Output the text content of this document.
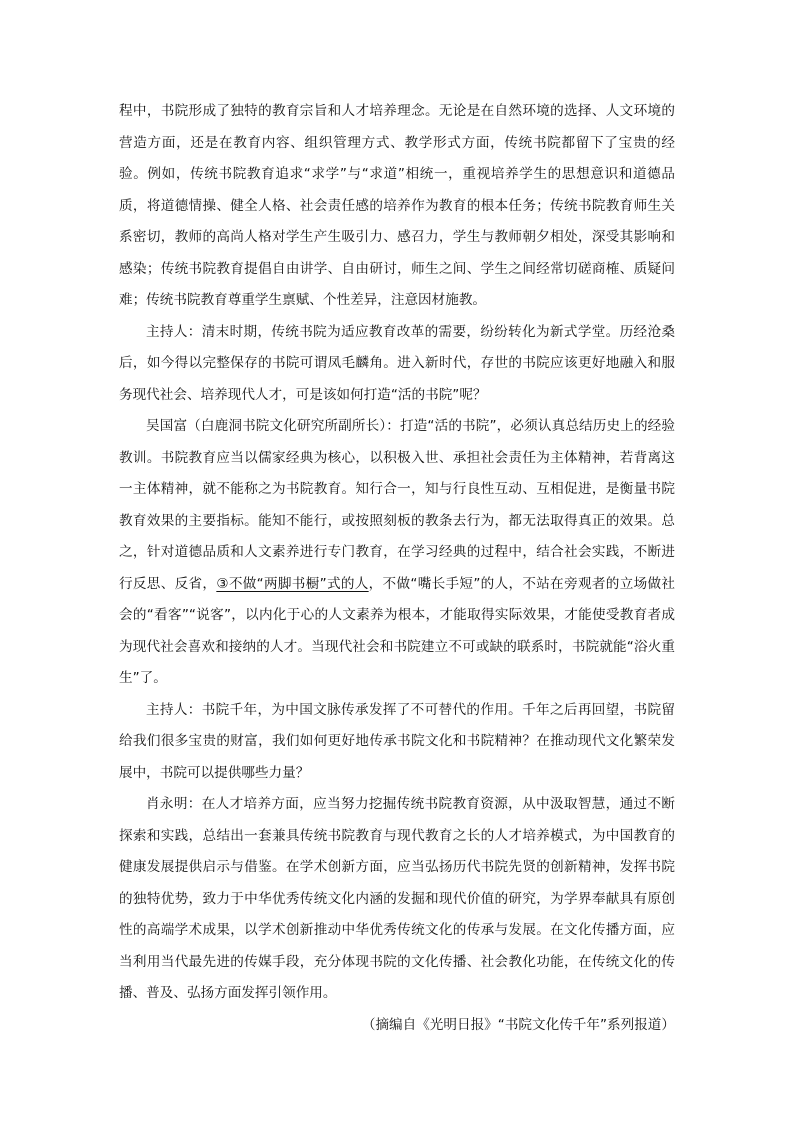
程中，书院形成了独特的教育宗旨和人才培养理念。无论是在自然环境的选择、人文环境的营造方面，还是在教育内容、组织管理方式、教学形式方面，传统书院都留下了宝贵的经验。例如，传统书院教育追求“求学”与“求道”相统一，重视培养学生的思想意识和道德品质，将道德情操、健全人格、社会责任感的培养作为教育的根本任务；传统书院教育师生关系密切，教师的高尚人格对学生产生吸引力、感召力，学生与教师朝夕相处，深受其影响和感染；传统书院教育提倡自由讲学、自由研讨，师生之间、学生之间经常切磋商榷、质疑问难；传统书院教育尊重学生禀赋、个性差异，注意因材施教。

主持人：清末时期，传统书院为适应教育改革的需要，纷纷转化为新式学堂。历经沧桑后，如今得以完整保存的书院可谓凤毛麟角。进入新时代，存世的书院应该更好地融入和服务现代社会、培养现代人才，可是该如何打造“活的书院”呢？

吴国富（白鹿洞书院文化研究所副所长）：打造“活的书院”，必须认真总结历史上的经验教训。书院教育应当以儒家经典为核心，以积极入世、承担社会责任为主体精神，若背离这一主体精神，就不能称之为书院教育。知行合一，知与行良性互动、互相促进，是衡量书院教育效果的主要指标。能知不能行，或按照刻板的教条去行为，都无法取得真正的效果。总之，针对道德品质和人文素养进行专门教育，在学习经典的过程中，结合社会实践，不断进行反思、反省，③不做“两脚书橱”式的人，不做“嘴长手短”的人，不站在旁观者的立场做社会的“看客”“说客”，以内化于心的人文素养为根本，才能取得实际效果，才能使受教育者成为现代社会喜欢和接纳的人才。当现代社会和书院建立不可或缺的联系时，书院就能“浴火重生”了。

主持人：书院千年，为中国文脉传承发挥了不可替代的作用。千年之后再回望，书院留给我们很多宝贵的财富，我们如何更好地传承书院文化和书院精神？在推动现代文化繁荣发展中，书院可以提供哪些力量？

肖永明：在人才培养方面，应当努力挖掘传统书院教育资源，从中汲取智慧，通过不断探索和实践，总结出一套兼具传统书院教育与现代教育之长的人才培养模式，为中国教育的健康发展提供启示与借鉴。在学术创新方面，应当弘扬历代书院先贤的创新精神，发挥书院的独特优势，致力于中华优秀传统文化内涵的发掘和现代价值的研究，为学界奉献具有原创性的高端学术成果，以学术创新推动中华优秀传统文化的传承与发展。在文化传播方面，应当利用当代最先进的传媒手段，充分体现书院的文化传播、社会教化功能，在传统文化的传播、普及、弘扬方面发挥引领作用。

（摘编自《光明日报》“书院文化传千年”系列报道）
